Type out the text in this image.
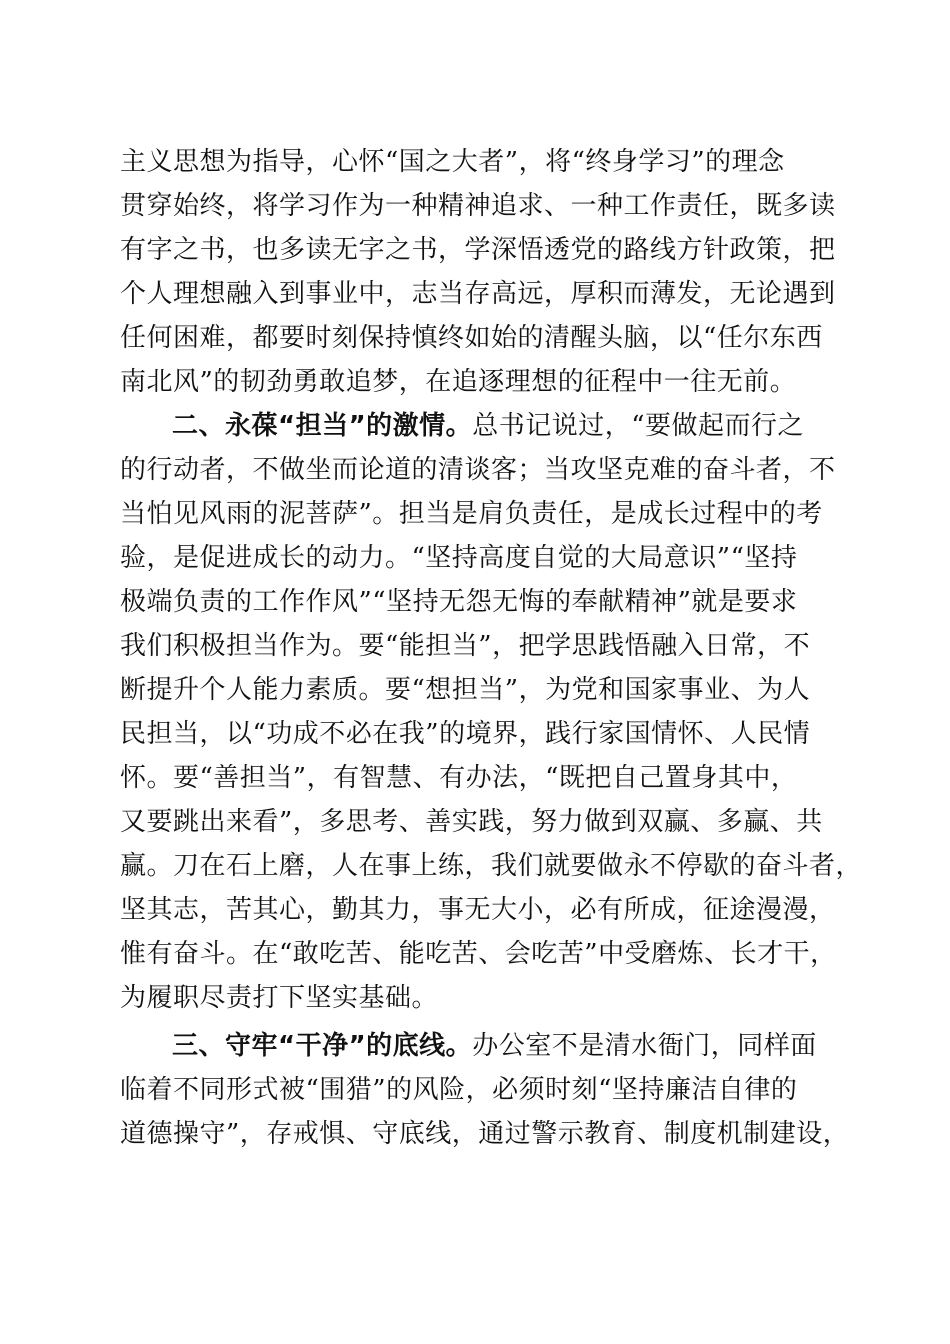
主义思想为指导，心怀“国之大者”，将“终身学习”的理念
贯穿始终，将学习作为一种精神追求、一种工作责任，既多读
有字之书，也多读无字之书，学深悟透党的路线方针政策，把
个人理想融入到事业中，志当存高远，厚积而薄发，无论遇到
任何困难，都要时刻保持慎终如始的清醒头脑，以“任尔东西
南北风”的韧劲勇敢追梦，在追逐理想的征程中一往无前。
二、永葆“担当”的激情。总书记说过，“要做起而行之
的行动者，不做坐而论道的清谈客；当攻坚克难的奋斗者，不
当怕见风雨的泥菩萨”。担当是肩负责任，是成长过程中的考
验，是促进成长的动力。“坚持高度自觉的大局意识”“坚持
极端负责的工作作风”“坚持无怨无悔的奉献精神”就是要求
我们积极担当作为。要“能担当”，把学思践悟融入日常，不
断提升个人能力素质。要“想担当”，为党和国家事业、为人
民担当，以“功成不必在我”的境界，践行家国情怀、人民情
怀。要“善担当”，有智慧、有办法，“既把自己置身其中，
又要跳出来看”，多思考、善实践，努力做到双赢、多赢、共
赢。刀在石上磨，人在事上练，我们就要做永不停歇的奋斗者，
坚其志，苦其心，勤其力，事无大小，必有所成，征途漫漫，
惟有奋斗。在“敢吃苦、能吃苦、会吃苦”中受磨炼、长才干，
为履职尽责打下坚实基础。
三、守牢“干净”的底线。办公室不是清水衙门，同样面
临着不同形式被“围猎”的风险，必须时刻“坚持廉洁自律的
道德操守”，存戒惧、守底线，通过警示教育、制度机制建设，
